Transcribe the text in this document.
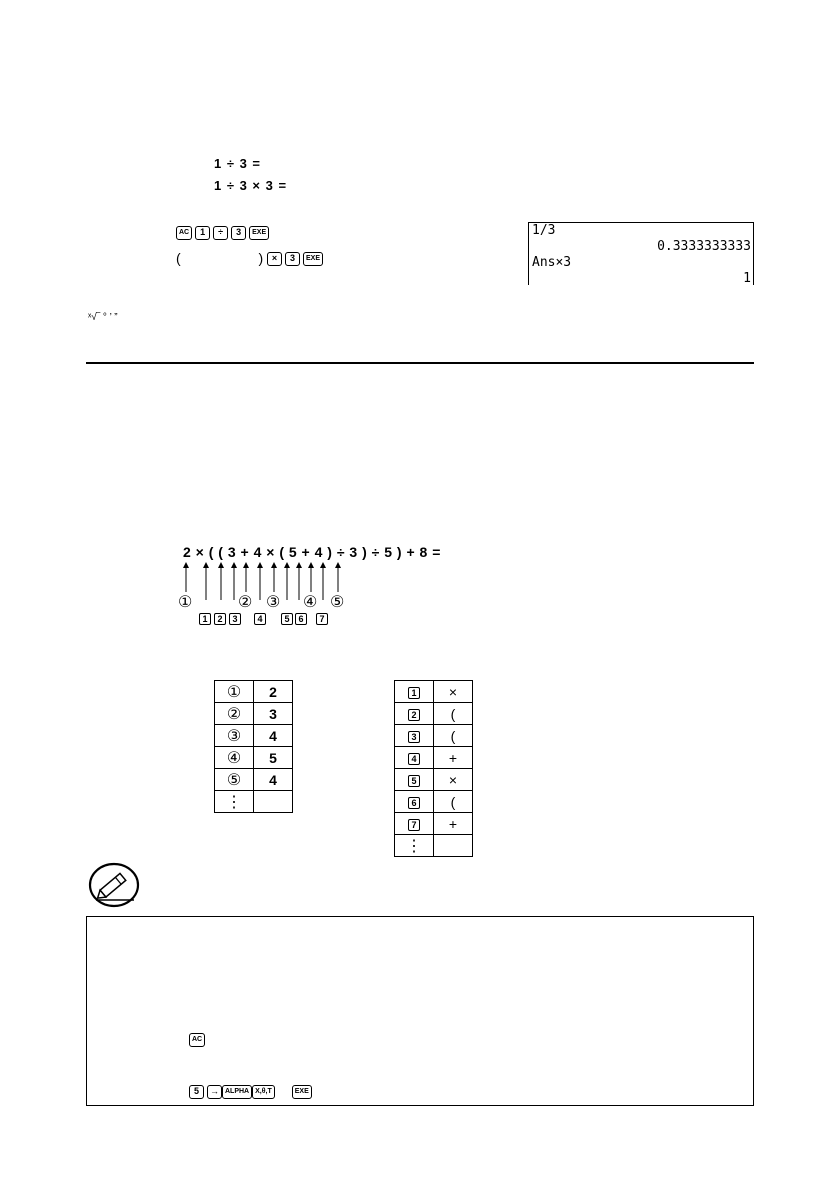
1 ÷ 3 =
1 ÷ 3 × 3 =
AC 1 ÷ 3 EXE
(	) × 3 EXE
1/3
0.3333333333
Ans×3
1
ˣ√‾ ° ’ ”
2 × ( ( 3 + 4 × ( 5 + 4 ) ÷ 3 ) ÷ 5 ) + 8 =
①	② ③ ④ ⑤
1	2	3	4	5 6	7
①	2
②	3
③	4
④	5
⑤	4
⋮	
1	×
2	(
3	(
4	+
5	×
6	(
7	+
⋮	
AC
5 → ALPHA X,θ,T	EXE
